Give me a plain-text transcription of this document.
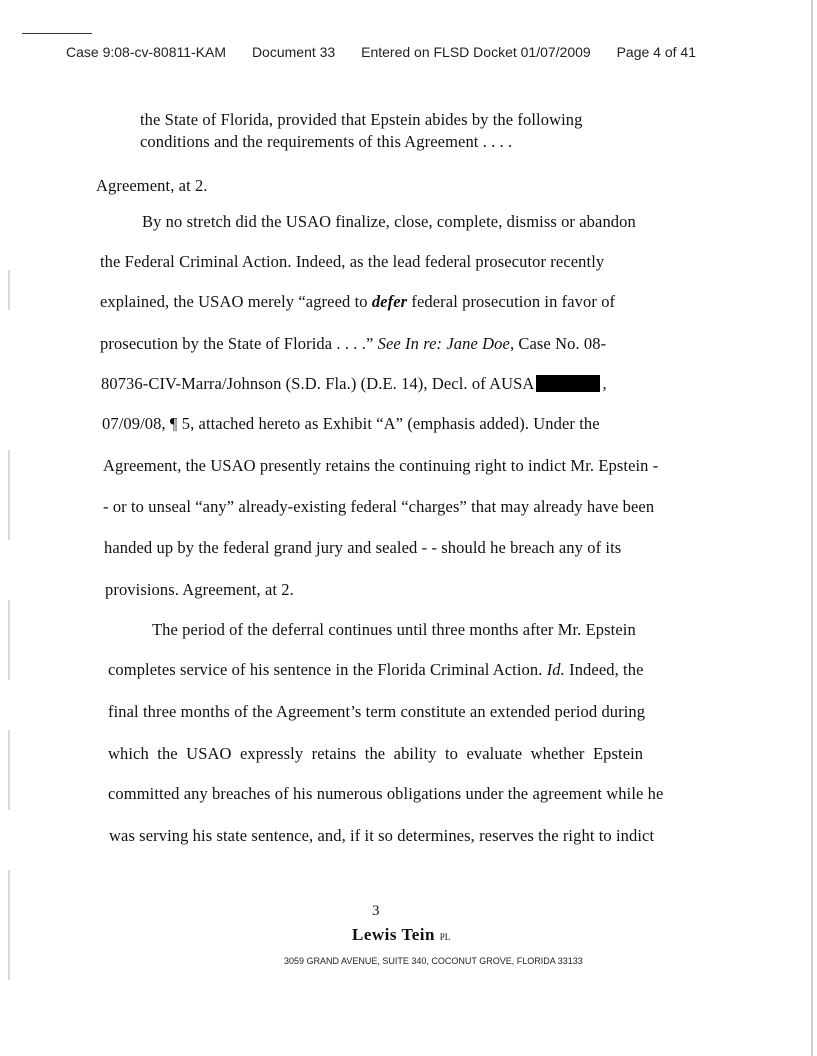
Case 9:08-cv-80811-KAM Document 33 Entered on FLSD Docket 01/07/2009 Page 4 of 41
the State of Florida, provided that Epstein abides by the following
conditions and the requirements of this Agreement . . . .
Agreement, at 2.
By no stretch did the USAO finalize, close, complete, dismiss or abandon
the Federal Criminal Action. Indeed, as the lead federal prosecutor recently
explained, the USAO merely “agreed to defer federal prosecution in favor of
prosecution by the State of Florida . . . .” See In re: Jane Doe, Case No. 08-
80736-CIV-Marra/Johnson (S.D. Fla.) (D.E. 14), Decl. of AUSA	,
07/09/08, ¶ 5, attached hereto as Exhibit “A” (emphasis added). Under the
Agreement, the USAO presently retains the continuing right to indict Mr. Epstein -
- or to unseal “any” already-existing federal “charges” that may already have been
handed up by the federal grand jury and sealed - - should he breach any of its
provisions. Agreement, at 2.
The period of the deferral continues until three months after Mr. Epstein
completes service of his sentence in the Florida Criminal Action. Id. Indeed, the
final three months of the Agreement’s term constitute an extended period during
which  the  USAO  expressly  retains  the  ability  to  evaluate  whether  Epstein
committed any breaches of his numerous obligations under the agreement while he
was serving his state sentence, and, if it so determines, reserves the right to indict
3
Lewis Tein PL
3059 GRAND AVENUE, SUITE 340, COCONUT GROVE, FLORIDA 33133
